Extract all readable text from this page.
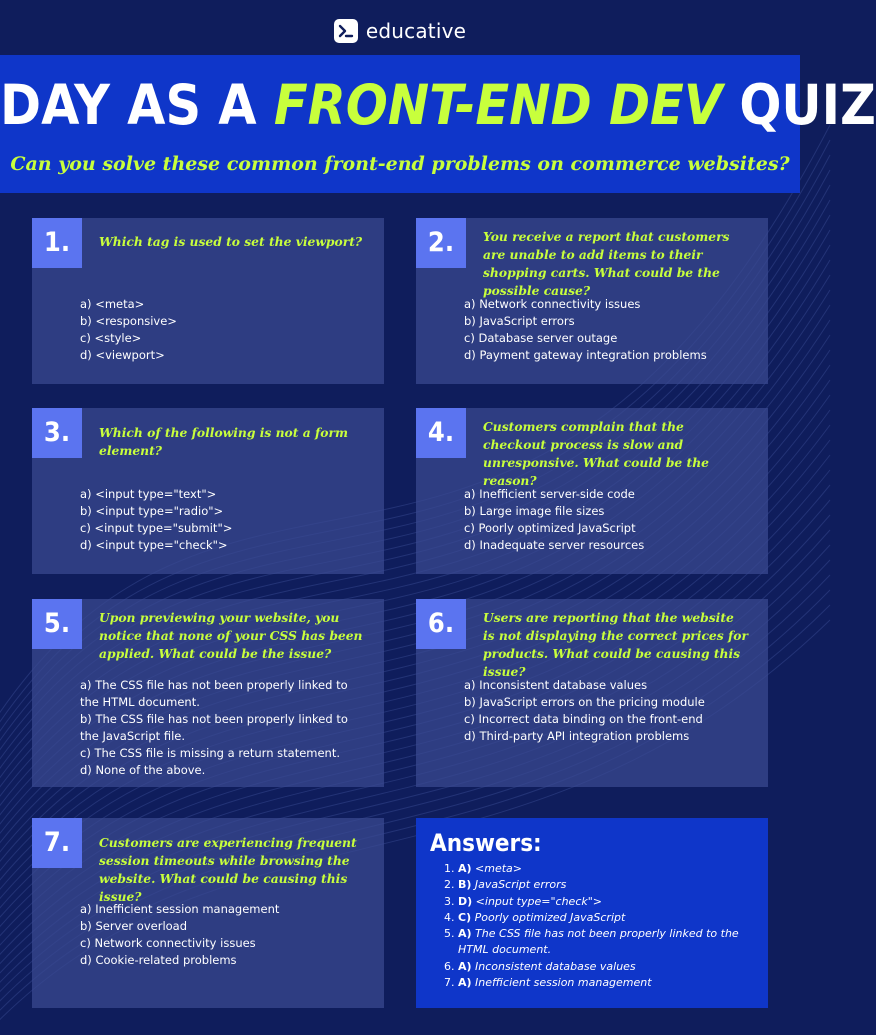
educative
DAY AS A FRONT-END DEV QUIZ
Can you solve these common front-end problems on commerce websites?
1.	Which tag is used to set the viewport?
a) <meta>
b) <responsive>
c) <style>
d) <viewport>
2.	You receive a report that customers are unable to add items to their shopping carts. What could be the possible cause?
a) Network connectivity issues
b) JavaScript errors
c) Database server outage
d) Payment gateway integration problems
3.	Which of the following is not a form element?
a) <input type="text">
b) <input type="radio">
c) <input type="submit">
d) <input type="check">
4.	Customers complain that the checkout process is slow and unresponsive. What could be the reason?
a) Inefficient server-side code
b) Large image file sizes
c) Poorly optimized JavaScript
d) Inadequate server resources
5.	Upon previewing your website, you notice that none of your CSS has been applied. What could be the issue?
a) The CSS file has not been properly linked to the HTML document.
b) The CSS file has not been properly linked to the JavaScript file.
c) The CSS file is missing a return statement.
d) None of the above.
6.	Users are reporting that the website is not displaying the correct prices for products. What could be causing this issue?
a) Inconsistent database values
b) JavaScript errors on the pricing module
c) Incorrect data binding on the front-end
d) Third-party API integration problems
7.	Customers are experiencing frequent session timeouts while browsing the website. What could be causing this issue?
a) Inefficient session management
b) Server overload
c) Network connectivity issues
d) Cookie-related problems
Answers:
1. A) <meta>
2. B) JavaScript errors
3. D) <input type="check">
4. C) Poorly optimized JavaScript
5. A) The CSS file has not been properly linked to the HTML document.
6. A) Inconsistent database values
7. A) Inefficient session management
